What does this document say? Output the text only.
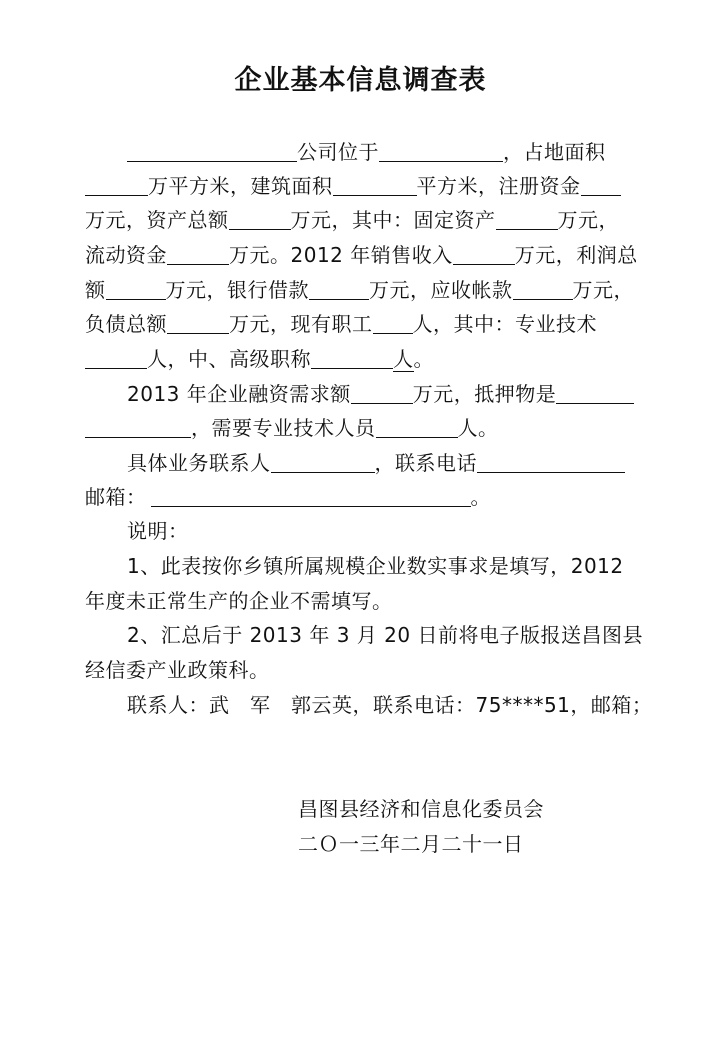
企业基本信息调查表
公司位于	，占地面积
万平方米，建筑面积	平方米，注册资金
万元，资产总额	万元，其中：固定资产	万元，
流动资金	万元。2012 年销售收入	万元，利润总
额	万元，银行借款	万元，应收帐款	万元，
负债总额	万元，现有职工 人，其中：专业技术
人，中、高级职称	人。
2013 年企业融资需求额	万元，抵押物是
，需要专业技术人员	人。
具体业务联系人	，联系电话
邮箱：	。
说明：
1、此表按你乡镇所属规模企业数实事求是填写，2012
年度未正常生产的企业不需填写。
2、汇总后于 2013 年 3 月 20 日前将电子版报送昌图县
经信委产业政策科。
联系人：武　军　郭云英，联系电话：75****51，邮箱；
昌图县经济和信息化委员会
二Ｏ一三年二月二十一日
